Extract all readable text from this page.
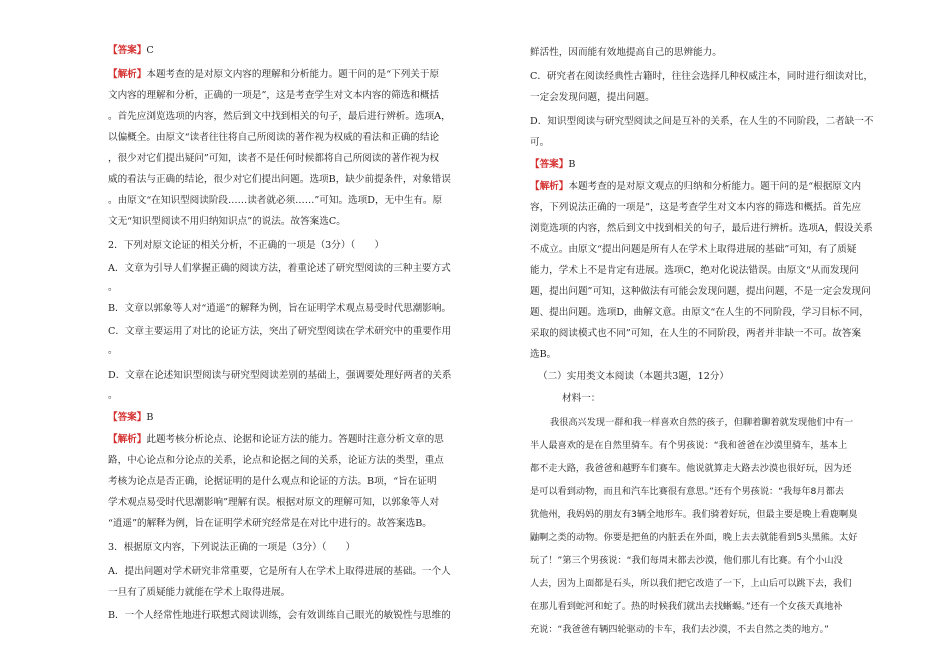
【答案】C
【解析】本题考查的是对原文内容的理解和分析能力。题干问的是“下列关于原
文内容的理解和分析，正确的一项是”，这是考查学生对文本内容的筛选和概括
。首先应浏览选项的内容，然后到文中找到相关的句子，最后进行辨析。选项A，
以偏概全。由原文“读者往往将自己所阅读的著作视为权威的看法和正确的结论
，很少对它们提出疑问”可知，读者不是任何时候都将自己所阅读的著作视为权
威的看法与正确的结论，很少对它们提出问题。选项B，缺少前提条件，对象错误
。由原文“在知识型阅读阶段……读者就必须……”可知。选项D，无中生有。原
文无“知识型阅读不用归纳知识点”的说法。故答案选C。
2．下列对原文论证的相关分析，不正确的一项是（3分）（　　）
A．文章为引导人们掌握正确的阅读方法，着重论述了研究型阅读的三种主要方式
。
B．文章以郭象等人对“逍遥”的解释为例，旨在证明学术观点易受时代思潮影响。
C．文章主要运用了对比的论证方法，突出了研究型阅读在学术研究中的重要作用
。
D．文章在论述知识型阅读与研究型阅读差别的基础上，强调要处理好两者的关系
。
【答案】B
【解析】此题考核分析论点、论据和论证方法的能力。答题时注意分析文章的思
路，中心论点和分论点的关系，论点和论据之间的关系，论证方法的类型，重点
考核为论点是否正确，论据证明的是什么观点和论证的方法。B项，“旨在证明
学术观点易受时代思潮影响”理解有误。根据对原文的理解可知，以郭象等人对
“逍遥”的解释为例，旨在证明学术研究经常是在对比中进行的。故答案选B。
3．根据原文内容，下列说法正确的一项是（3分）（　　）
A．提出问题对学术研究非常重要，它是所有人在学术上取得进展的基础。一个人
一旦有了质疑能力就能在学术上取得进展。
B．一个人经常性地进行联想式阅读训练，会有效训练自己眼光的敏锐性与思维的
鲜活性，因而能有效地提高自己的思辨能力。
C．研究者在阅读经典性古籍时，往往会选择几种权威注本，同时进行细读对比，
一定会发现问题，提出问题。
D．知识型阅读与研究型阅读之间是互补的关系，在人生的不同阶段，二者缺一不
可。
【答案】B
【解析】本题考查的是对原文观点的归纳和分析能力。题干问的是“根据原文内
容，下列说法正确的一项是”，这是考查学生对文本内容的筛选和概括。首先应
浏览选项的内容，然后到文中找到相关的句子，最后进行辨析。选项A，假设关系
不成立。由原文“提出问题是所有人在学术上取得进展的基础”可知，有了质疑
能力，学术上不是肯定有进展。选项C，绝对化说法错误。由原文“从而发现问
题，提出问题”可知，这种做法有可能会发现问题，提出问题，不是一定会发现问
题、提出问题。选项D，曲解文意。由原文“在人生的不同阶段，学习目标不同，
采取的阅读模式也不同”可知，在人生的不同阶段，两者并非缺一不可。故答案
选B。
（二）实用类文本阅读（本题共3题，12分）
材料一：
我很高兴发现一群和我一样喜欢自然的孩子，但聊着聊着就发现他们中有一
半人最喜欢的是在自然里骑车。有个男孩说：“我和爸爸在沙漠里骑车，基本上
都不走大路，我爸爸和越野车们赛车。他说就算走大路去沙漠也很好玩，因为还
是可以看到动物，而且和汽车比赛很有意思。”还有个男孩说：“我每年8月都去
犹他州，我妈妈的朋友有3辆全地形车。我们骑着好玩，但最主要是晚上看鹿啊臭
鼬啊之类的动物。你要是把鱼的内脏丢在外面，晚上去去就能看到5头黑熊。太好
玩了！”第三个男孩说：“我们每周末都去沙漠，他们那儿有比赛。有个小山没
人去，因为上面都是石头，所以我们把它改造了一下，上山后可以跳下去，我们
在那儿看到蛇河和蛇了。热的时候我们就出去找蜥蜴。”还有一个女孩天真地补
充说：“我爸爸有辆四轮驱动的卡车，我们去沙漠，不去自然之类的地方。”
